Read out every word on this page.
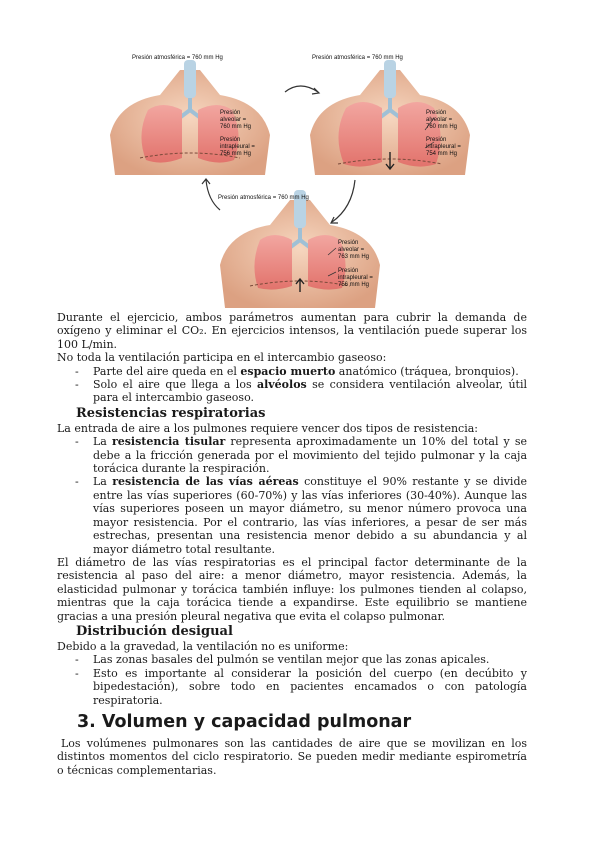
Presión atmosférica = 760 mm Hg	Presión atmosférica = 760 mm Hg
Presión
alveolar =
760 mm Hg
Presión
intrapleural =
754 mm Hg
Presión
alveolar =
760 mm Hg
Presión
intrapleural =
756 mm Hg
Presión atmosférica = 760 mm Hg
Presión
alveolar =
763 mm Hg
Presión
intrapleural =
756 mm Hg

Durante el ejercicio, ambos parámetros aumentan para cubrir la demanda de oxígeno y eliminar el CO₂. En ejercicios intensos, la ventilación puede superar los 100 L/min.

No toda la ventilación participa en el intercambio gaseoso:

- Parte del aire queda en el espacio muerto anatómico (tráquea, bronquios).

- Solo el aire que llega a los alvéolos se considera ventilación alveolar, útil para el intercambio gaseoso.

Resistencias respiratorias

La entrada de aire a los pulmones requiere vencer dos tipos de resistencia:

- La resistencia tisular representa aproximadamente un 10% del total y se debe a la fricción generada por el movimiento del tejido pulmonar y la caja torácica durante la respiración.

- La resistencia de las vías aéreas constituye el 90% restante y se divide entre las vías superiores (60-70%) y las vías inferiores (30-40%). Aunque las vías superiores poseen un mayor diámetro, su menor número provoca una mayor resistencia. Por el contrario, las vías inferiores, a pesar de ser más estrechas, presentan una resistencia menor debido a su abundancia y al mayor diámetro total resultante.

El diámetro de las vías respiratorias es el principal factor determinante de la resistencia al paso del aire: a menor diámetro, mayor resistencia. Además, la elasticidad pulmonar y torácica también influye: los pulmones tienden al colapso, mientras que la caja torácica tiende a expandirse. Este equilibrio se mantiene gracias a una presión pleural negativa que evita el colapso pulmonar.

Distribución desigual

Debido a la gravedad, la ventilación no es uniforme:

- Las zonas basales del pulmón se ventilan mejor que las zonas apicales.

- Esto es importante al considerar la posición del cuerpo (en decúbito y bipedestación), sobre todo en pacientes encamados o con patología respiratoria.

3. Volumen y capacidad pulmonar

Los volúmenes pulmonares son las cantidades de aire que se movilizan en los distintos momentos del ciclo respiratorio. Se pueden medir mediante espirometría o técnicas complementarias.
